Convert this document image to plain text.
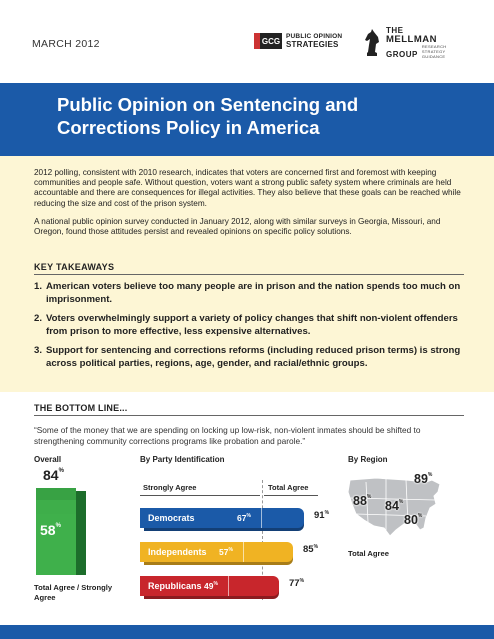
MARCH 2012	GCG PUBLIC OPINION
STRATEGIES
THE
MELLMAN
GROUP
RESEARCH
STRATEGY
GUIDANCE
Public Opinion on Sentencing and
Corrections Policy in America

2012 polling, consistent with 2010 research, indicates that voters are concerned first and foremost with keeping communities and people safe. Without question, voters want a strong public safety system where criminals are held accountable and there are consequences for illegal activities. They also believe that these goals can be reached while reducing the size and cost of the prison system.

A national public opinion survey conducted in January 2012, along with similar surveys in Georgia, Missouri, and Oregon, found those attitudes persist and revealed opinions on specific policy solutions.

KEY TAKEAWAYS
1. American voters believe too many people are in prison and the nation spends too much on imprisonment.
2. Voters overwhelmingly support a variety of policy changes that shift non-violent offenders from prison to more effective, less expensive alternatives.
3. Support for sentencing and corrections reforms (including reduced prison terms) is strong across political parties, regions, age, gender, and racial/ethnic groups.
THE BOTTOM LINE...
“Some of the money that we are spending on locking up low-risk, non-violent inmates should be shifted to strengthening community corrections programs like probation and parole.”
Overall
84%
58%
Total Agree / Strongly Agree
By Party Identification
Strongly Agree	Total Agree
Democrats	67%	91%
Independents 57%	85%
Republicans 49%	77%
By Region
89%
88%
84%
80%
Total Agree
